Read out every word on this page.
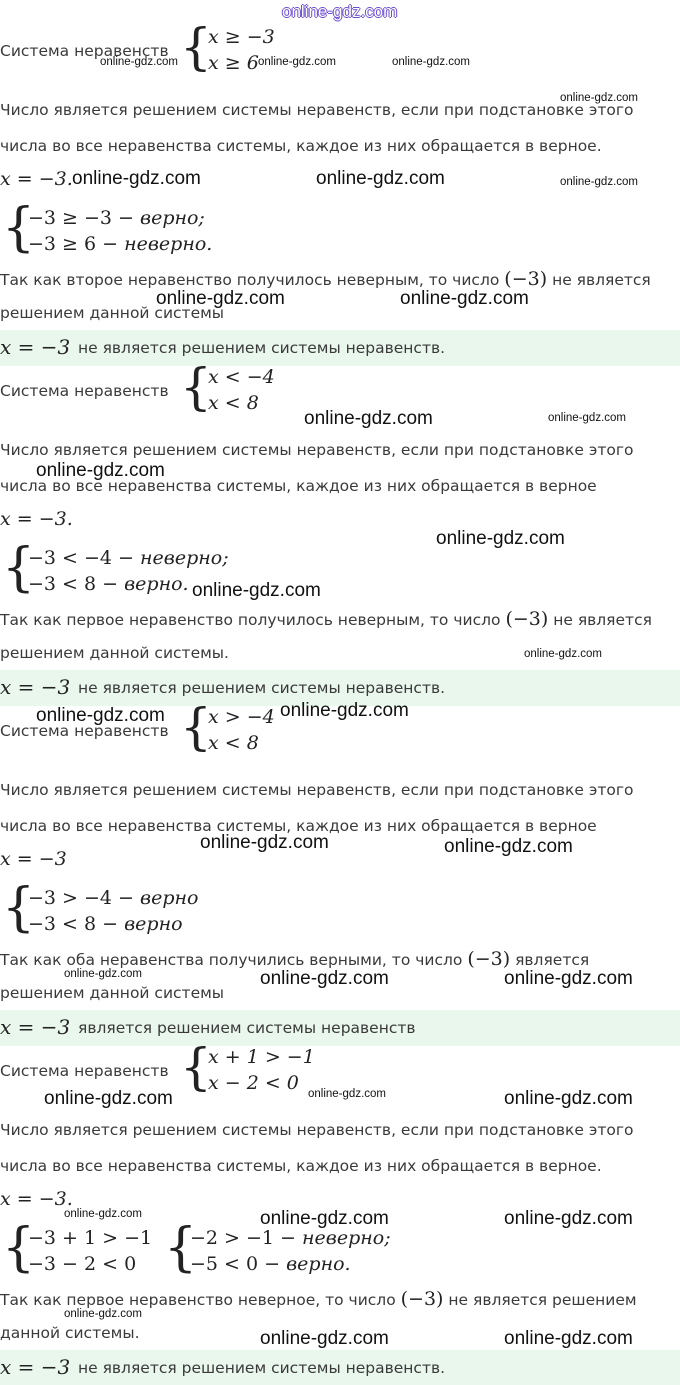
online-gdz.com
Система неравенств {
x ≥ −3
x ≥ 6
Число является решением системы неравенств, если при подстановке этого
числа во все неравенства системы, каждое из них обращается в верное.
x = −3.
{
−3 ≥ −3 − верно;
−3 ≥ 6 − неверно.
Так как второе неравенство получилось неверным, то число (−3) не является
решением данной системы
x = −3 не является решением системы неравенств.
Система неравенств {
x < −4
x < 8
Число является решением системы неравенств, если при подстановке этого
числа во все неравенства системы, каждое из них обращается в верное
x = −3.
{
−3 < −4 − неверно;
−3 < 8 − верно.
Так как первое неравенство получилось неверным, то число (−3) не является
решением данной системы.
x = −3 не является решением системы неравенств.
Система неравенств {
x > −4
x < 8
Число является решением системы неравенств, если при подстановке этого
числа во все неравенства системы, каждое из них обращается в верное
x = −3
{
−3 > −4 − верно
−3 < 8 − верно
Так как оба неравенства получились верными, то число (−3) является
решением данной системы
x = −3 является решением системы неравенств
Система неравенств {
x + 1 > −1
x − 2 < 0
Число является решением системы неравенств, если при подстановке этого
числа во все неравенства системы, каждое из них обращается в верное.
x = −3.
{
−3 + 1 > −1
−3 − 2 < 0 {
−2 > −1 − неверно;
−5 < 0 − верно.
Так как первое неравенство неверное, то число (−3) не является решением
данной системы.
x = −3 не является решением системы неравенств.
online-gdz.com	online-gdz.com	online-gdz.com
online-gdz.com
online-gdz.com	online-gdz.com	online-gdz.com
online-gdz.com	online-gdz.com
online-gdz.com	online-gdz.com
online-gdz.com
online-gdz.com
online-gdz.com
online-gdz.com
online-gdz.com	online-gdz.com
online-gdz.com	online-gdz.com
online-gdz.com	online-gdz.com	online-gdz.com
online-gdz.com	online-gdz.com	online-gdz.com
online-gdz.com	online-gdz.com	online-gdz.com
online-gdz.com
online-gdz.com	online-gdz.com
